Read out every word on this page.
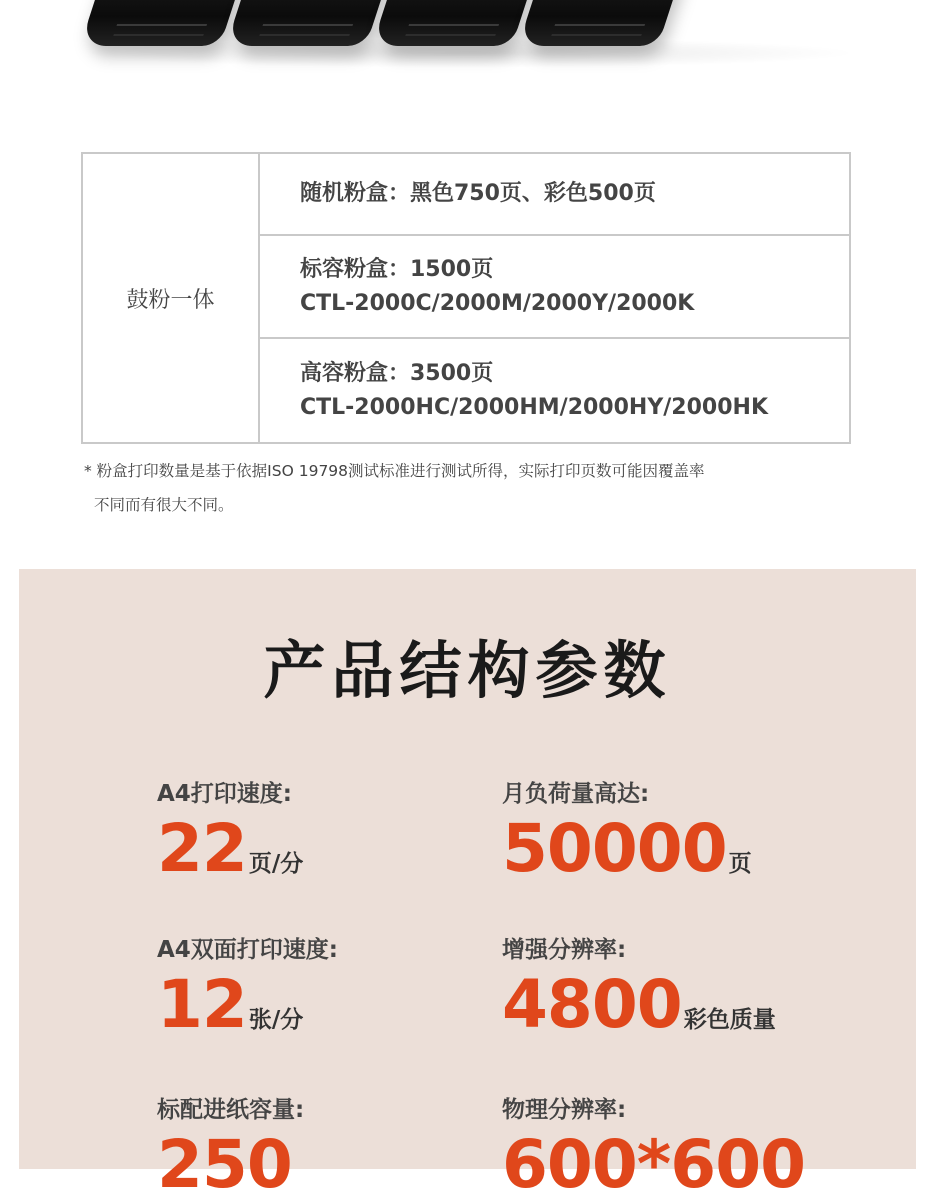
鼓粉一体
随机粉盒：黑色750页、彩色500页
标容粉盒：1500页
CTL-2000C/2000M/2000Y/2000K
高容粉盒：3500页
CTL-2000HC/2000HM/2000HY/2000HK
* 粉盒打印数量是基于依据ISO 19798测试标准进行测试所得，实际打印页数可能因覆盖率
不同而有很大不同。
产品结构参数
A4打印速度:
22页/分
月负荷量高达:
50000页
A4双面打印速度:
12张/分
增强分辨率:
4800彩色质量
标配进纸容量:
250
物理分辨率:
600*600
